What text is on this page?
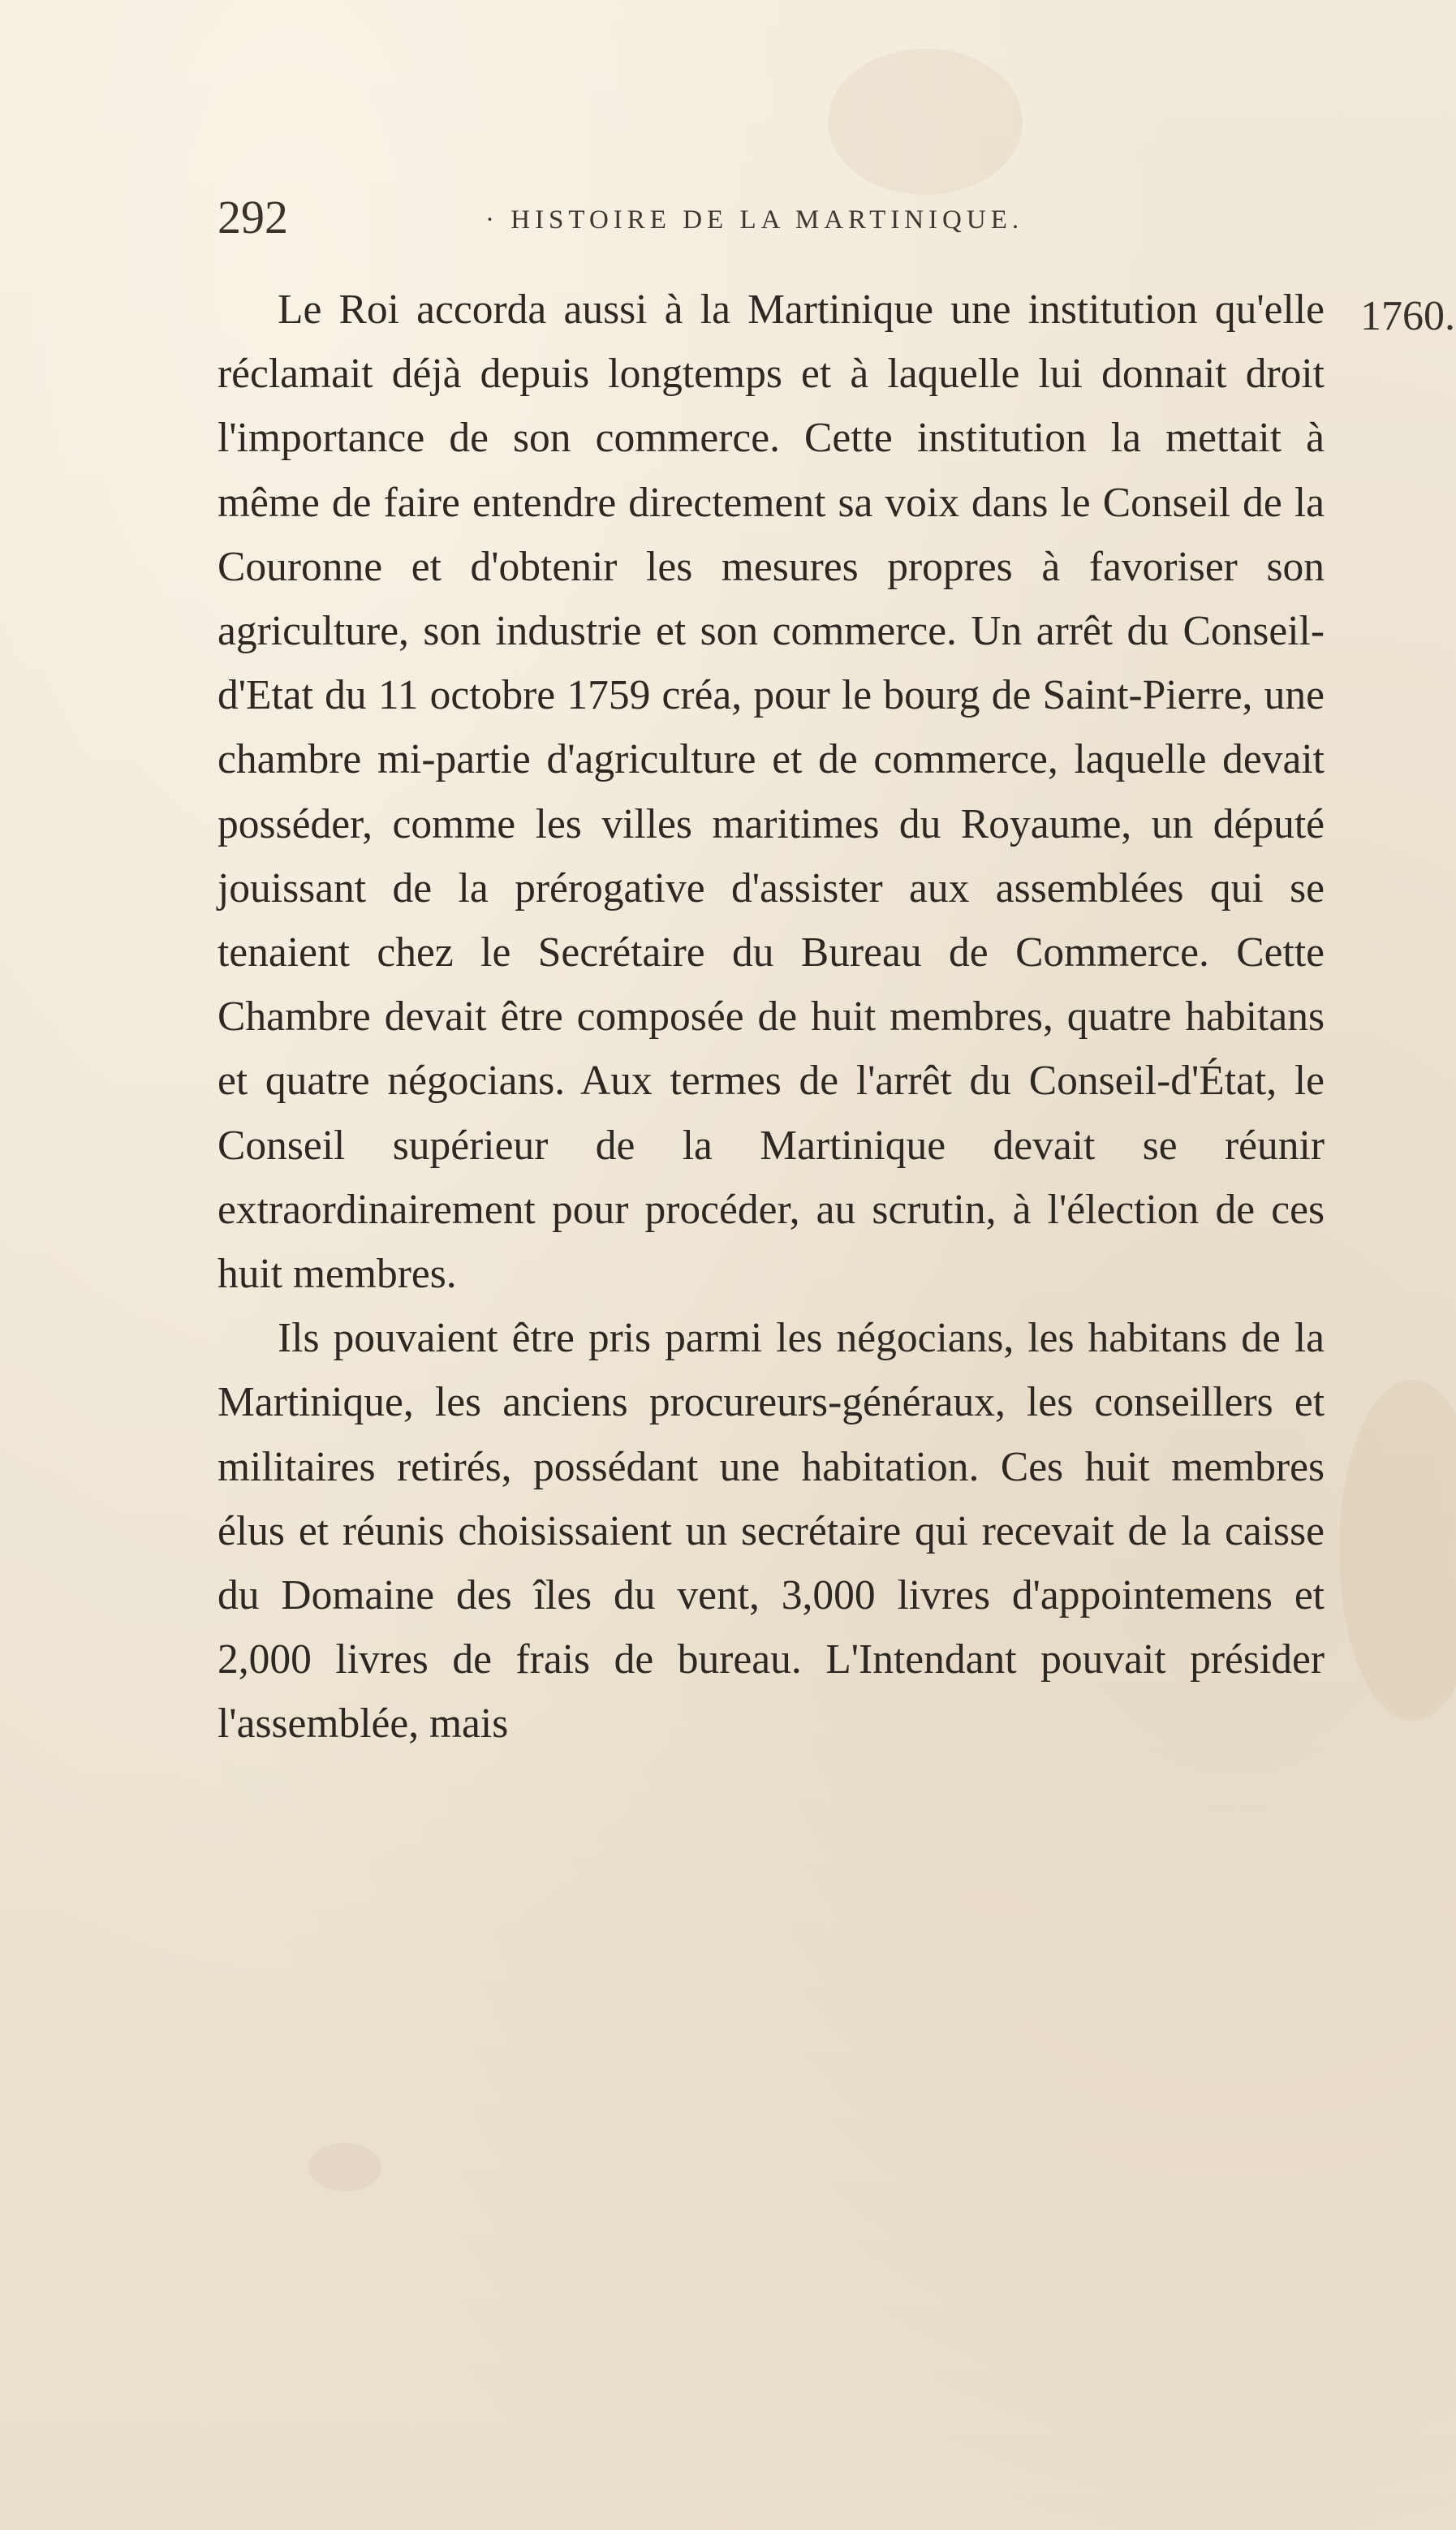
292	· HISTOIRE DE LA MARTINIQUE.
1760.

Le Roi accorda aussi à la Martinique une institution qu'elle réclamait déjà depuis longtemps et à laquelle lui donnait droit l'importance de son commerce. Cette institution la mettait à même de faire entendre directement sa voix dans le Conseil de la Couronne et d'obtenir les mesures propres à favoriser son agriculture, son industrie et son commerce. Un arrêt du Conseil-d'Etat du 11 octobre 1759 créa, pour le bourg de Saint-Pierre, une chambre mi-partie d'agriculture et de commerce, laquelle devait posséder, comme les villes maritimes du Royaume, un député jouissant de la prérogative d'assister aux assemblées qui se tenaient chez le Secrétaire du Bureau de Commerce. Cette Chambre devait être composée de huit membres, quatre habitans et quatre négocians. Aux termes de l'arrêt du Conseil-d'État, le Conseil supérieur de la Martinique devait se réunir extraordinairement pour procéder, au scrutin, à l'élection de ces huit membres.

Ils pouvaient être pris parmi les négocians, les habitans de la Martinique, les anciens procureurs-généraux, les conseillers et militaires retirés, possédant une habitation. Ces huit membres élus et réunis choisissaient un secrétaire qui recevait de la caisse du Domaine des îles du vent, 3,000 livres d'appointemens et 2,000 livres de frais de bureau. L'Intendant pouvait présider l'assemblée, mais
